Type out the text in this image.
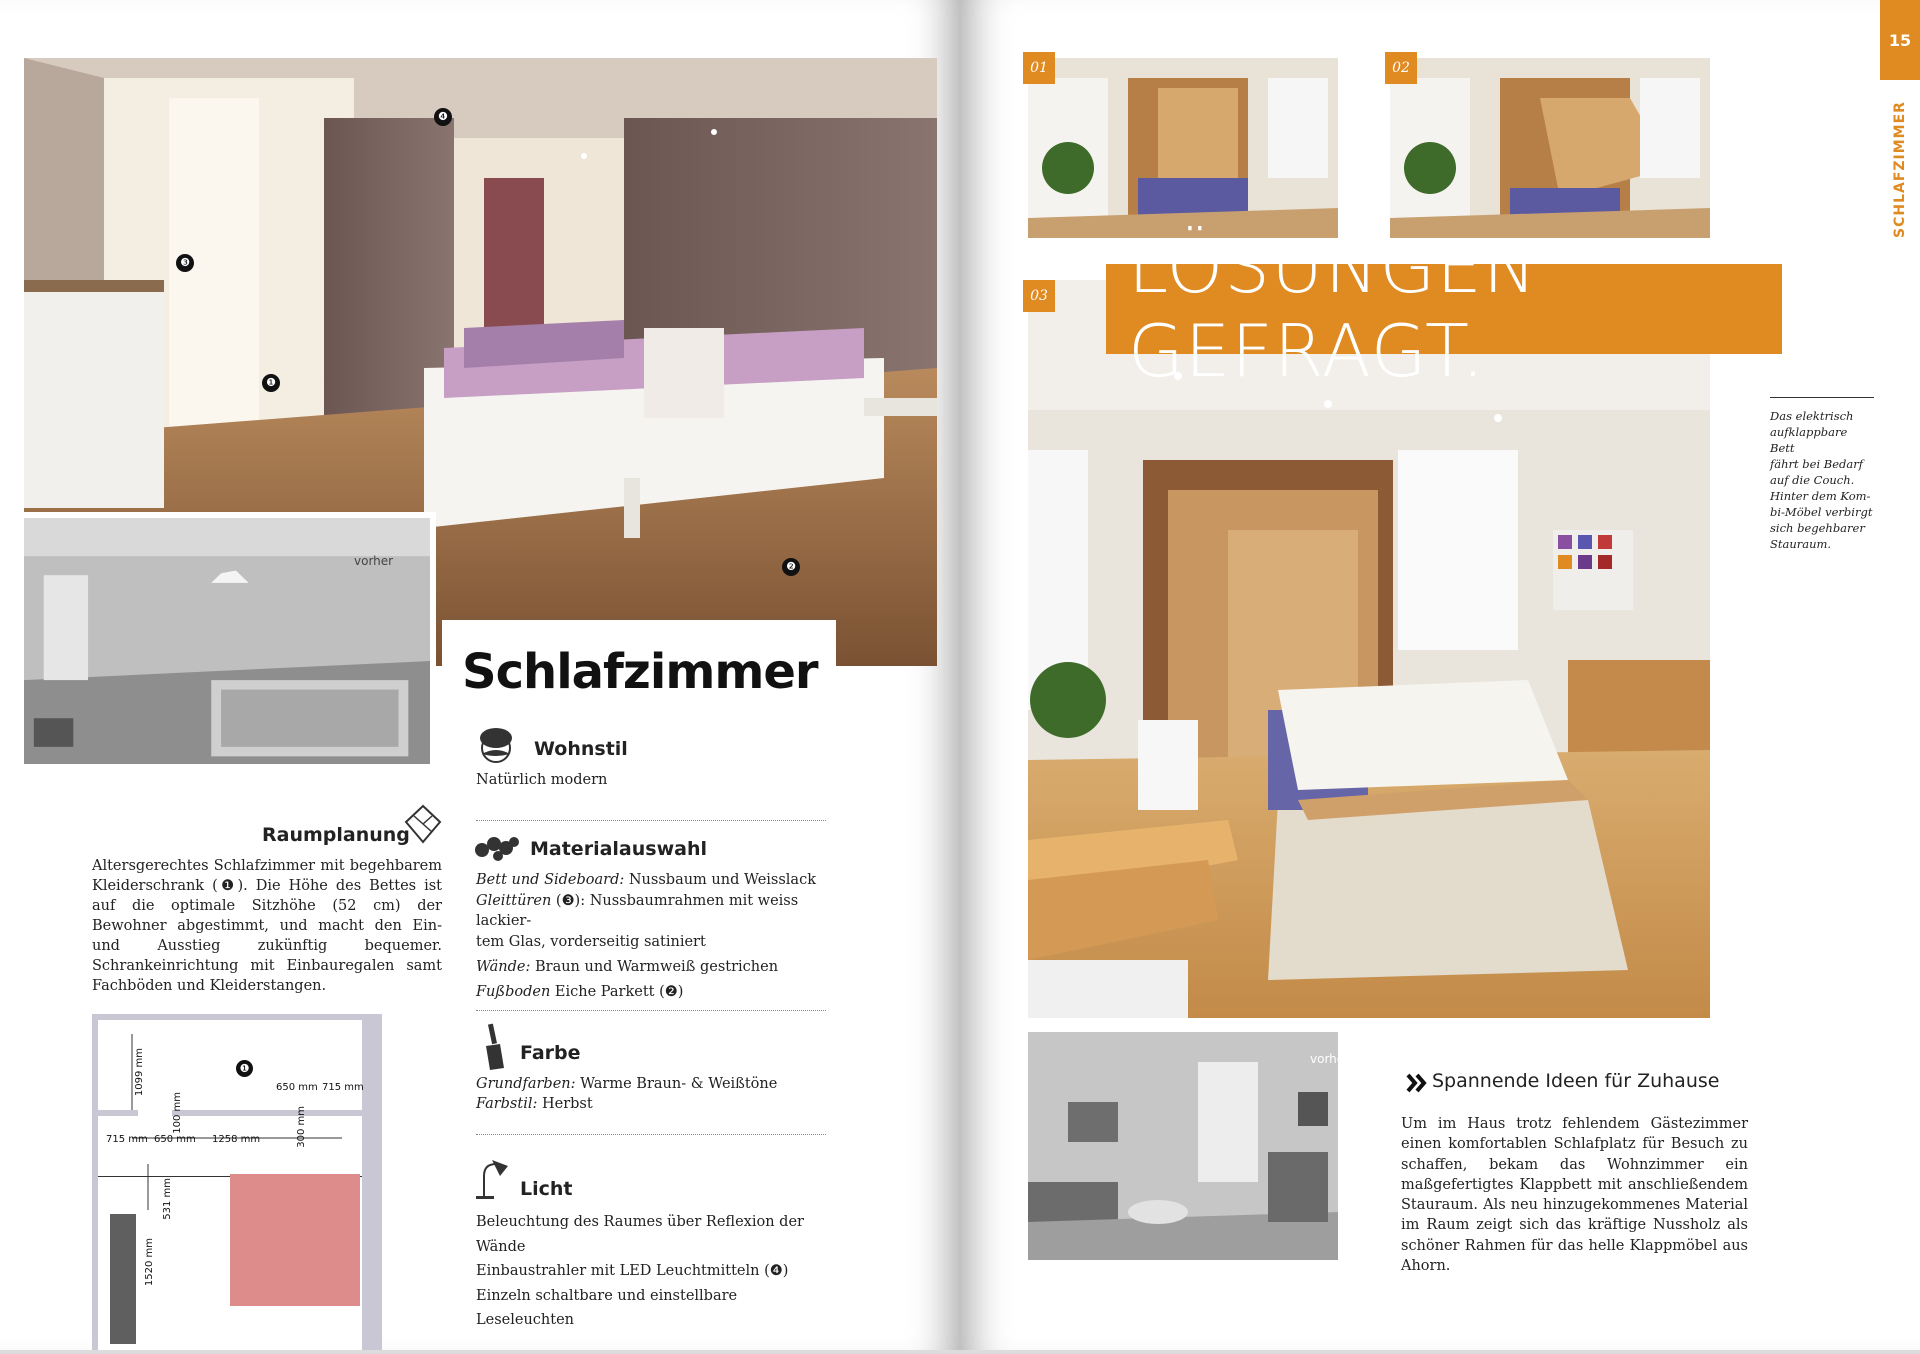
❹
❸
❶
❷
vorher
Schlafzimmer
Raumplanung
Altersgerechtes Schlafzimmer mit begehbarem Kleiderschrank (❶). Die Höhe des Bettes ist auf die optimale Sitzhöhe (52 cm) der Bewohner abgestimmt, und macht den Ein- und Ausstieg zukünftig bequemer. Schrankeinrichtung mit Einbauregalen samt Fachböden und Kleiderstangen.
❶
1099 mm	650 mm 715 mm
100 mm	300 mm
715 mm 650 mm 1258 mm
531 mm
1520 mm
Wohnstil
Natürlich modern
Materialauswahl
Bett und Sideboard: Nussbaum und Weisslack
Gleittüren (❸): Nussbaumrahmen mit weiss lackier-
tem Glas, vorderseitig satiniert
Wände: Braun und Warmweiß gestrichen
Fußboden Eiche Parkett (❷)
Farbe
Grundfarben: Warme Braun- & Weißtöne
Farbstil: Herbst
Licht
Beleuchtung des Raumes über Reflexion der Wände
Einbaustrahler mit LED Leuchtmitteln (❹)
Einzeln schaltbare und einstellbare Leseleuchten
01	02
03 LÖSUNGEN GEFRAGT.
vorher
Das elektrisch
aufklappbare Bett
fährt bei Bedarf
auf die Couch.
Hinter dem Kom-
bi-Möbel verbirgt
sich begehbarer
Stauraum.
Spannende Ideen für Zuhause
Um im Haus trotz fehlendem Gästezimmer einen komfortablen Schlafplatz für Besuch zu schaffen, bekam das Wohnzimmer ein maßgefertigtes Klappbett mit anschließendem Stauraum. Als neu hinzugekommenes Material im Raum zeigt sich das kräftige Nussholz als schöner Rahmen für das helle Klappmöbel aus Ahorn.
15
SCHLAFZIMMER
